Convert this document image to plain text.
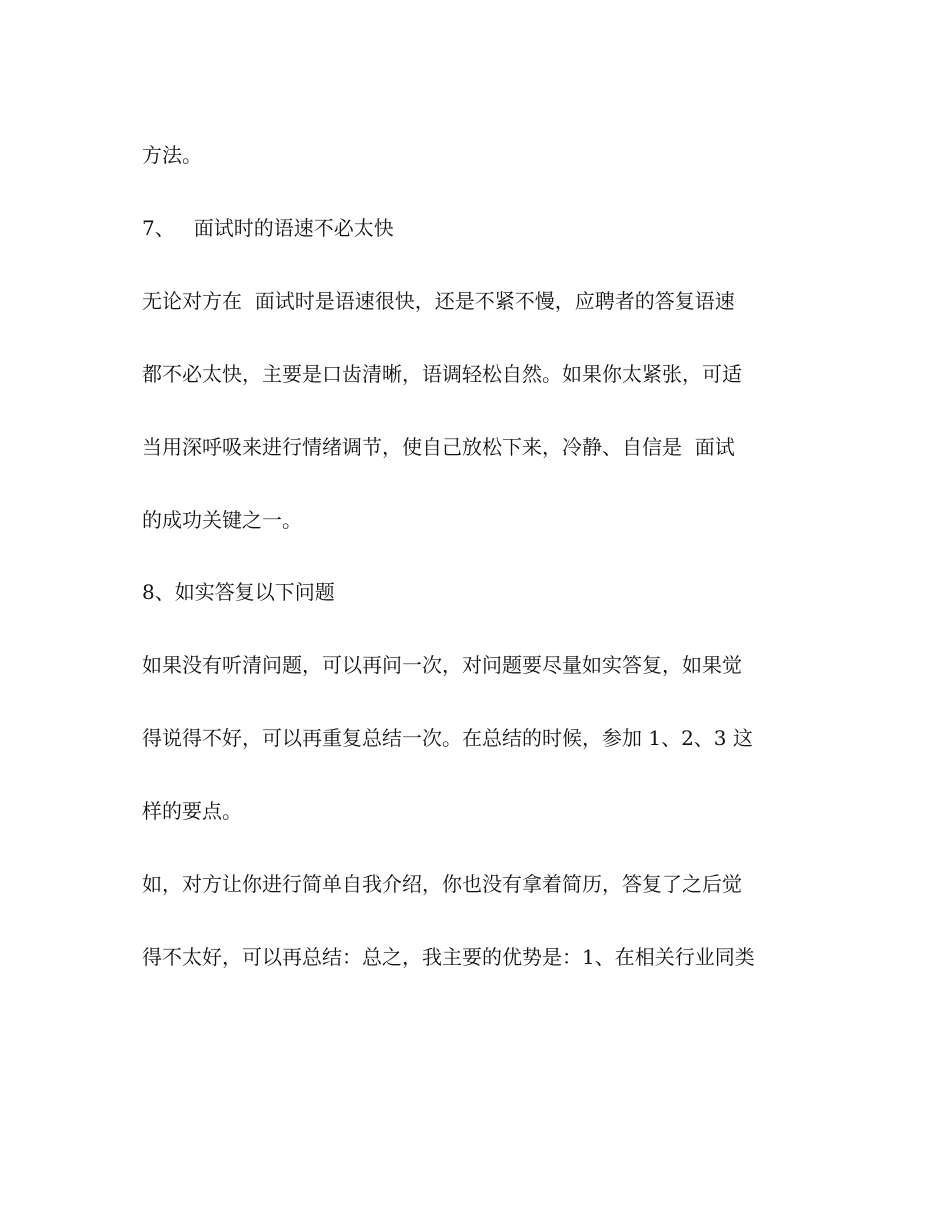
方法。

7、   面试时的语速不必太快

无论对方在  面试时是语速很快，还是不紧不慢，应聘者的答复语速

都不必太快，主要是口齿清晰，语调轻松自然。如果你太紧张，可适

当用深呼吸来进行情绪调节，使自己放松下来，冷静、自信是  面试

的成功关键之一。

8、如实答复以下问题

如果没有听清问题，可以再问一次，对问题要尽量如实答复，如果觉

得说得不好，可以再重复总结一次。在总结的时候，参加 1、2、3 这

样的要点。

如，对方让你进行简单自我介绍，你也没有拿着简历，答复了之后觉

得不太好，可以再总结：总之，我主要的优势是：1、在相关行业同类
